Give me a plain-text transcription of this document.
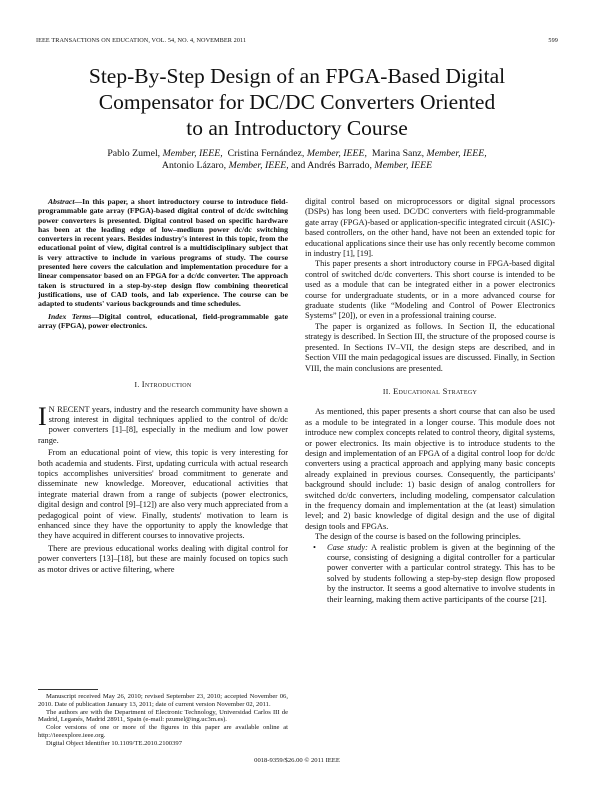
IEEE TRANSACTIONS ON EDUCATION, VOL. 54, NO. 4, NOVEMBER 2011	599
Step-By-Step Design of an FPGA-Based Digital
Compensator for DC/DC Converters Oriented
to an Introductory Course
Pablo Zumel, Member, IEEE, Cristina Fernández, Member, IEEE, Marina Sanz, Member, IEEE,
Antonio Lázaro, Member, IEEE, and Andrés Barrado, Member, IEEE

Abstract—In this paper, a short introductory course to introduce field-programmable gate array (FPGA)-based digital control of dc/dc switching power converters is presented. Digital control based on specific hardware has been at the leading edge of low–medium power dc/dc switching converters in recent years. Besides industry's interest in this topic, from the educational point of view, digital control is a multidisciplinary subject that is very attractive to include in various programs of study. The course presented here covers the calculation and implementation procedure for a linear compensator based on an FPGA for a dc/dc converter. The approach taken is structured in a step-by-step design flow combining theoretical justifications, use of CAD tools, and lab experience. The course can be adapted to students' various backgrounds and time schedules.

Index Terms—Digital control, educational, field-programmable gate array (FPGA), power electronics.

I. Introduction

I N RECENT years, industry and the research community have shown a strong interest in digital techniques applied to the control of dc/dc power converters [1]–[8], especially in the medium and low power range.

From an educational point of view, this topic is very interesting for both academia and students. First, updating curricula with actual research topics accomplishes universities' broad commitment to generate and disseminate new knowledge. Moreover, educational activities that integrate material drawn from a range of subjects (power electronics, digital design and control [9]–[12]) are also very much appreciated from a pedagogical point of view. Finally, students' motivation to learn is enhanced since they have the opportunity to apply the knowledge that they have acquired in different courses to innovative projects.

There are previous educational works dealing with digital control for power converters [13]–[18], but these are mainly focused on topics such as motor drives or active filtering, where

Manuscript received May 26, 2010; revised September 23, 2010; accepted November 06, 2010. Date of publication January 13, 2011; date of current version November 02, 2011.

The authors are with the Department of Electronic Technology, Universidad Carlos III de Madrid, Leganés, Madrid 28911, Spain (e-mail: pzumel@ing.uc3m.es).

Color versions of one or more of the figures in this paper are available online at http://ieeexplore.ieee.org.

Digital Object Identifier 10.1109/TE.2010.2100397

digital control based on microprocessors or digital signal processors (DSPs) has long been used. DC/DC converters with field-programmable gate array (FPGA)-based or application-specific integrated circuit (ASIC)-based controllers, on the other hand, have not been an extended topic for educational applications since their use has only recently become common in industry [1], [19].

This paper presents a short introductory course in FPGA-based digital control of switched dc/dc converters. This short course is intended to be used as a module that can be integrated either in a power electronics course for undergraduate students, or in a more advanced course for graduate students (like “Modeling and Control of Power Electronics Systems” [20]), or even in a professional training course.

The paper is organized as follows. In Section II, the educational strategy is described. In Section III, the structure of the proposed course is presented. In Sections IV–VII, the design steps are described, and in Section VIII the main pedagogical issues are discussed. Finally, in Section VIII, the main conclusions are presented.

II. Educational Strategy

As mentioned, this paper presents a short course that can also be used as a module to be integrated in a longer course. This module does not introduce new complex concepts related to control theory, digital systems, or power electronics. Its main objective is to introduce students to the design and implementation of an FPGA of a digital control loop for dc/dc converters using a practical approach and applying many basic concepts already explained in previous courses. Consequently, the participants' background should include: 1) basic design of analog controllers for switched dc/dc converters, including modeling, compensator calculation in the frequency domain and implementation at the (at least) simulation level; and 2) basic knowledge of digital design and the use of digital design tools and FPGAs.

The design of the course is based on the following principles.

• Case study: A realistic problem is given at the beginning of the course, consisting of designing a digital controller for a particular power converter with a particular control strategy. This has to be solved by students following a step-by-step design flow proposed by the instructor. It seems a good alternative to involve students in their learning, making them active participants of the course [21].
0018-9359/$26.00 © 2011 IEEE
